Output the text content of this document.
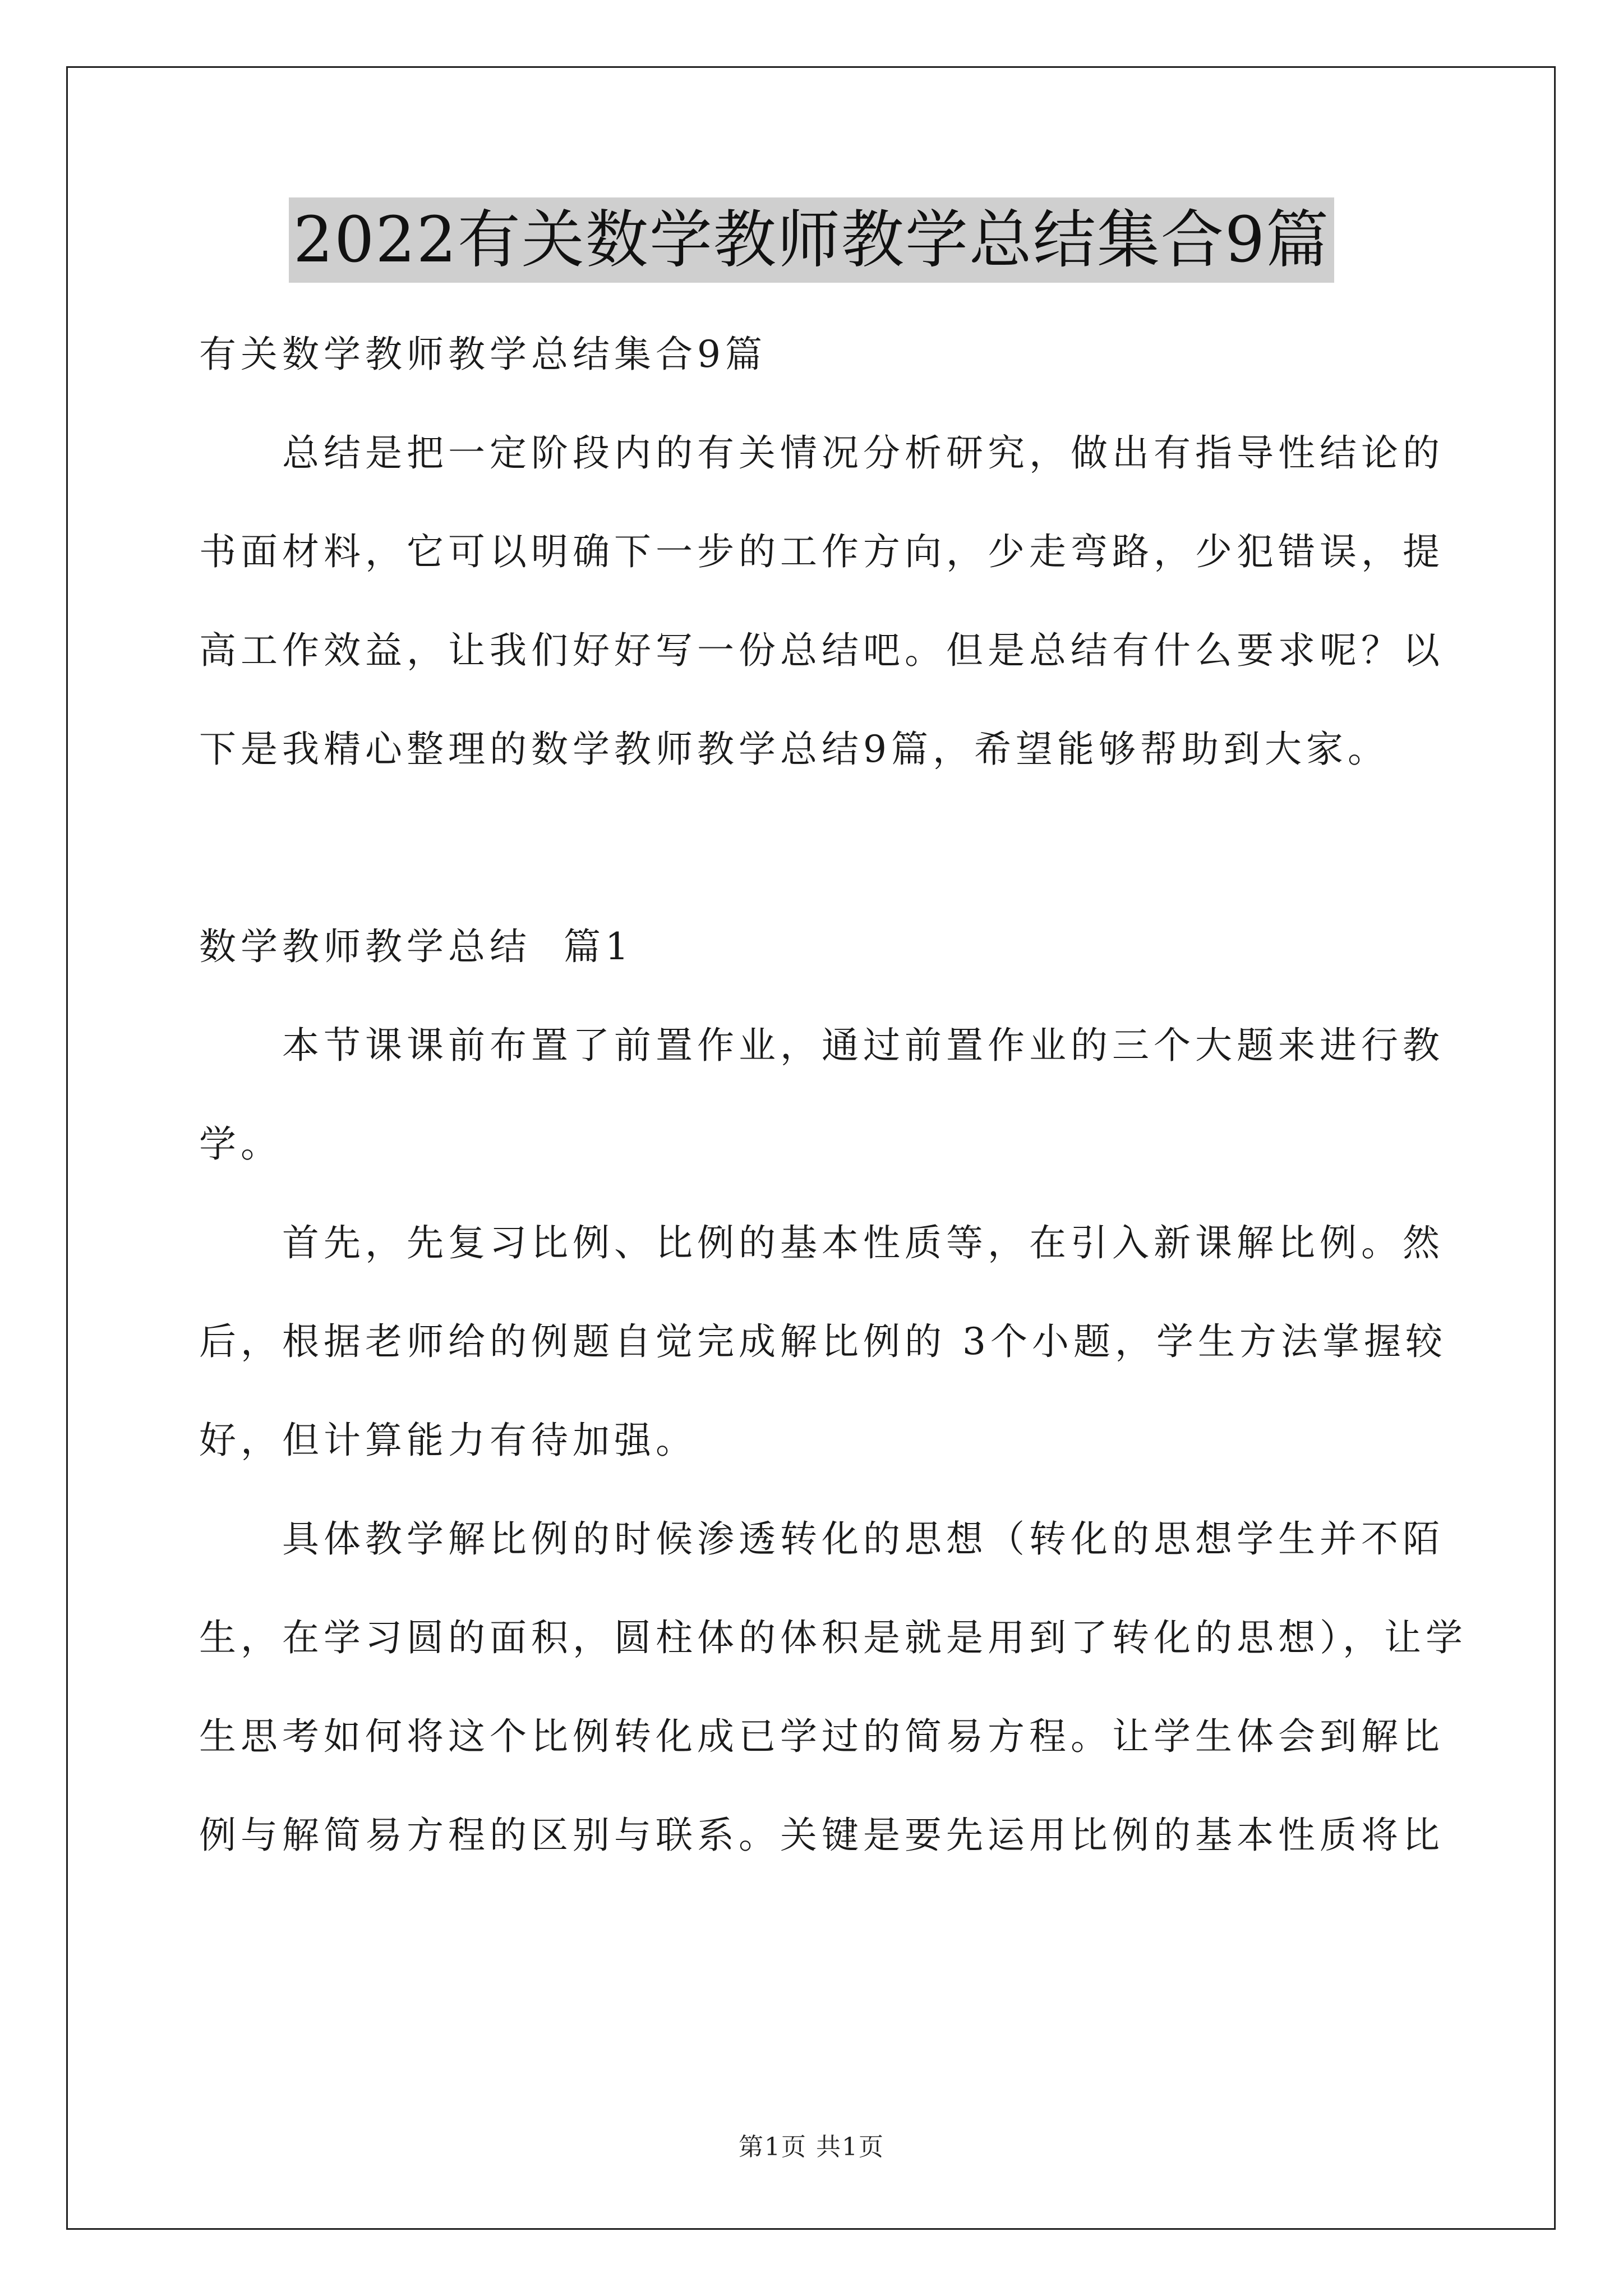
2022有关数学教师教学总结集合9篇
有关数学教师教学总结集合9篇
总结是把一定阶段内的有关情况分析研究，做出有指导性结论的
书面材料，它可以明确下一步的工作方向，少走弯路，少犯错误，提
高工作效益，让我们好好写一份总结吧。但是总结有什么要求呢？以
下是我精心整理的数学教师教学总结9篇，希望能够帮助到大家。
数学教师教学总结  篇1
本节课课前布置了前置作业，通过前置作业的三个大题来进行教
学。
首先，先复习比例、比例的基本性质等，在引入新课解比例。然
后，根据老师给的例题自觉完成解比例的 3个小题，学生方法掌握较
好，但计算能力有待加强。
具体教学解比例的时候渗透转化的思想（转化的思想学生并不陌
生，在学习圆的面积，圆柱体的体积是就是用到了转化的思想），让学
生思考如何将这个比例转化成已学过的简易方程。让学生体会到解比
例与解简易方程的区别与联系。关键是要先运用比例的基本性质将比
第1页 共1页
